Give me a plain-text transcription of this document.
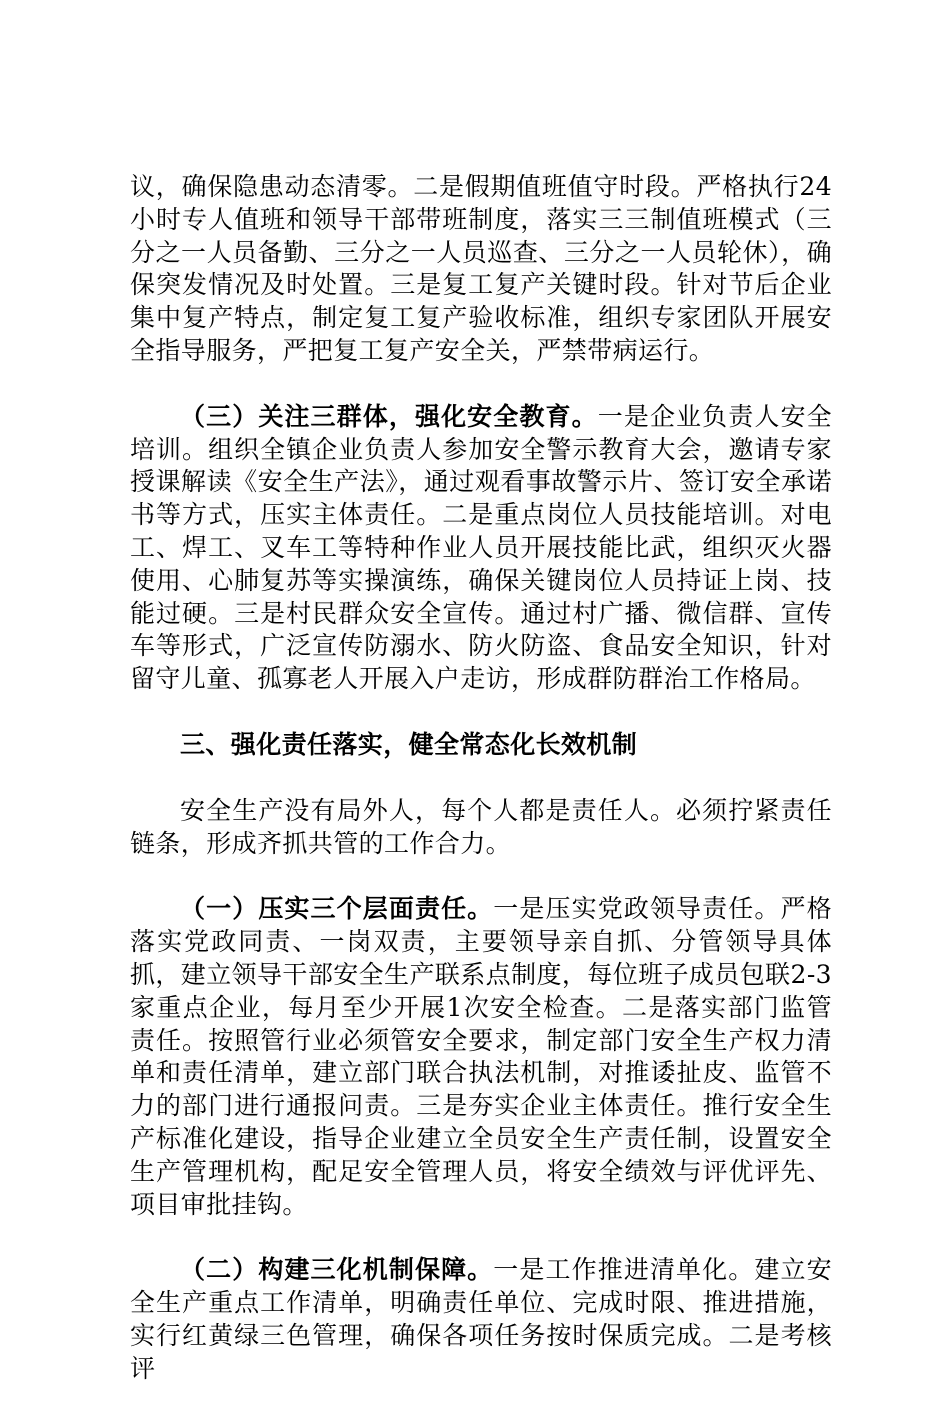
议，确保隐患动态清零。二是假期值班值守时段。严格执行24小时专人值班和领导干部带班制度，落实三三制值班模式（三分之一人员备勤、三分之一人员巡查、三分之一人员轮休），确保突发情况及时处置。三是复工复产关键时段。针对节后企业集中复产特点，制定复工复产验收标准，组织专家团队开展安全指导服务，严把复工复产安全关，严禁带病运行。

（三）关注三群体，强化安全教育。一是企业负责人安全培训。组织全镇企业负责人参加安全警示教育大会，邀请专家授课解读《安全生产法》，通过观看事故警示片、签订安全承诺书等方式，压实主体责任。二是重点岗位人员技能培训。对电工、焊工、叉车工等特种作业人员开展技能比武，组织灭火器使用、心肺复苏等实操演练，确保关键岗位人员持证上岗、技能过硬。三是村民群众安全宣传。通过村广播、微信群、宣传车等形式，广泛宣传防溺水、防火防盗、食品安全知识，针对留守儿童、孤寡老人开展入户走访，形成群防群治工作格局。

三、强化责任落实，健全常态化长效机制

安全生产没有局外人，每个人都是责任人。必须拧紧责任链条，形成齐抓共管的工作合力。

（一）压实三个层面责任。一是压实党政领导责任。严格落实党政同责、一岗双责，主要领导亲自抓、分管领导具体抓，建立领导干部安全生产联系点制度，每位班子成员包联2-3家重点企业，每月至少开展1次安全检查。二是落实部门监管责任。按照管行业必须管安全要求，制定部门安全生产权力清单和责任清单，建立部门联合执法机制，对推诿扯皮、监管不力的部门进行通报问责。三是夯实企业主体责任。推行安全生产标准化建设，指导企业建立全员安全生产责任制，设置安全生产管理机构，配足安全管理人员，将安全绩效与评优评先、项目审批挂钩。

（二）构建三化机制保障。一是工作推进清单化。建立安全生产重点工作清单，明确责任单位、完成时限、推进措施，实行红黄绿三色管理，确保各项任务按时保质完成。二是考核评
